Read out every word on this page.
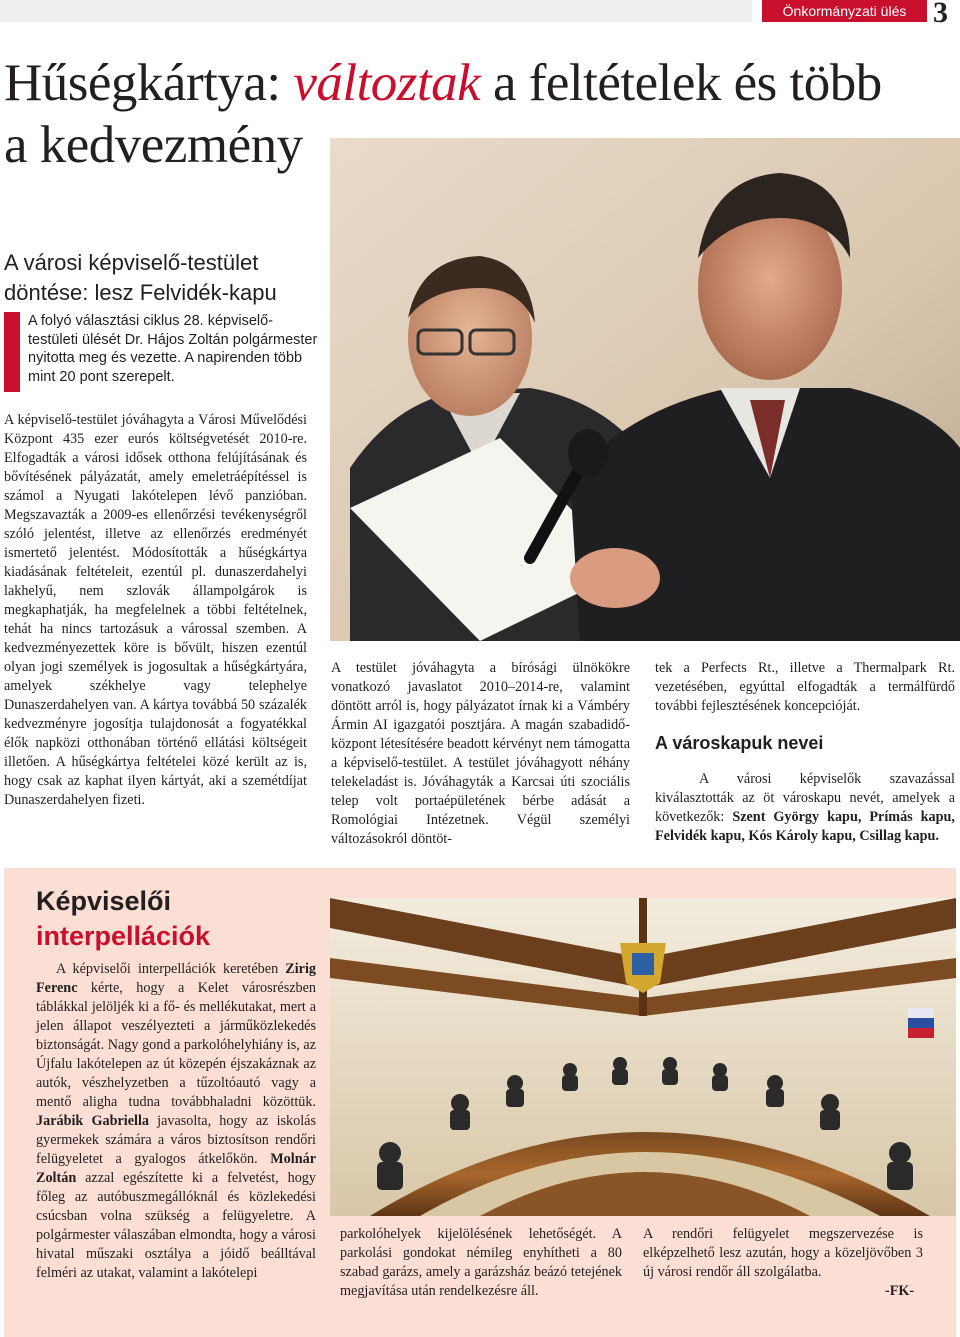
Önkormányzati ülés 3
Hűségkártya: változtak a feltételek és több a kedvezmény

A városi képviselő-testület döntése: lesz Felvidék-kapu

A folyó választási ciklus 28. képviselő-testületi ülését Dr. Hájos Zoltán polgármester nyitotta meg és vezette. A napirenden több mint 20 pont szerepelt.

A képviselő-testület jóváhagyta a Városi Művelődési Központ 435 ezer eurós költségvetését 2010-re. Elfogadták a városi idősek otthona felújításának és bővítésének pályázatát, amely emeletráépítéssel is számol a Nyugati lakótelepen lévő panzióban. Megszavazták a 2009-es ellenőrzési tevékenységről szóló jelentést, illetve az ellenőrzés eredményét ismertető jelentést. Módosították a hűségkártya kiadásának feltételeit, ezentúl pl. dunaszerdahelyi lakhelyű, nem szlovák állampolgárok is megkaphatják, ha megfelelnek a többi feltételnek, tehát ha nincs tartozásuk a várossal szemben. A kedvezményezettek köre is bővült, hiszen ezentúl olyan jogi személyek is jogosultak a hűségkártyára, amelyek székhelye vagy telephelye Dunaszerdahelyen van. A kártya továbbá 50 százalék kedvezményre jogosítja tulajdonosát a fogyatékkal élők napközi otthonában történő ellátási költségeit illetően. A hűségkártya feltételei közé került az is, hogy csak az kaphat ilyen kártyát, aki a szemétdíjat Dunaszerdahelyen fizeti.

A testület jóváhagyta a bírósági ülnökökre vonatkozó javaslatot 2010–2014-re, valamint döntött arról is, hogy pályázatot írnak ki a Vámbéry Ármin AI igazgatói posztjára. A magán szabadidő-központ létesítésére beadott kérvényt nem támogatta a képviselő-testület. A testület jóváhagyott néhány telekeladást is. Jóváhagyták a Karcsai úti szociális telep volt portaépületének bérbe adását a Romológiai Intézetnek. Végül személyi változásokról döntöt-

tek a Perfects Rt., illetve a Thermalpark Rt. vezetésében, egyúttal elfogadták a termálfürdő további fejlesztésének koncepcióját.

A városkapuk nevei

A városi képviselők szavazással kiválasztották az öt városkapu nevét, amelyek a következők: Szent György kapu, Prímás kapu, Felvidék kapu, Kós Károly kapu, Csillag kapu.

Képviselői
interpellációk

A képviselői interpellációk keretében Zirig Ferenc kérte, hogy a Kelet városrészben táblákkal jelöljék ki a fő- és mellékutakat, mert a jelen állapot veszélyezteti a járműközlekedés biztonságát. Nagy gond a parkolóhelyhiány is, az Újfalu lakótelepen az út közepén éjszakáznak az autók, vészhelyzetben a tűzoltóautó vagy a mentő aligha tudna továbbhaladni közöttük. Jarábik Gabriella javasolta, hogy az iskolás gyermekek számára a város biztosítson rendőri felügyeletet a gyalogos átkelőkön. Molnár Zoltán azzal egészítette ki a felvetést, hogy főleg az autóbuszmegállóknál és közlekedési csúcsban volna szükség a felügyeletre. A polgármester válaszában elmondta, hogy a városi hivatal műszaki osztálya a jóidő beálltával felméri az utakat, valamint a lakótelepi

parkolóhelyek kijelölésének lehetőségét. A parkolási gondokat némileg enyhítheti a 80 szabad garázs, amely a garázsház beázó tetejének megjavítása után rendelkezésre áll.

A rendőri felügyelet megszervezése is elképzelhető lesz azután, hogy a közeljövőben 3 új városi rendőr áll szolgálatba.

-FK-
